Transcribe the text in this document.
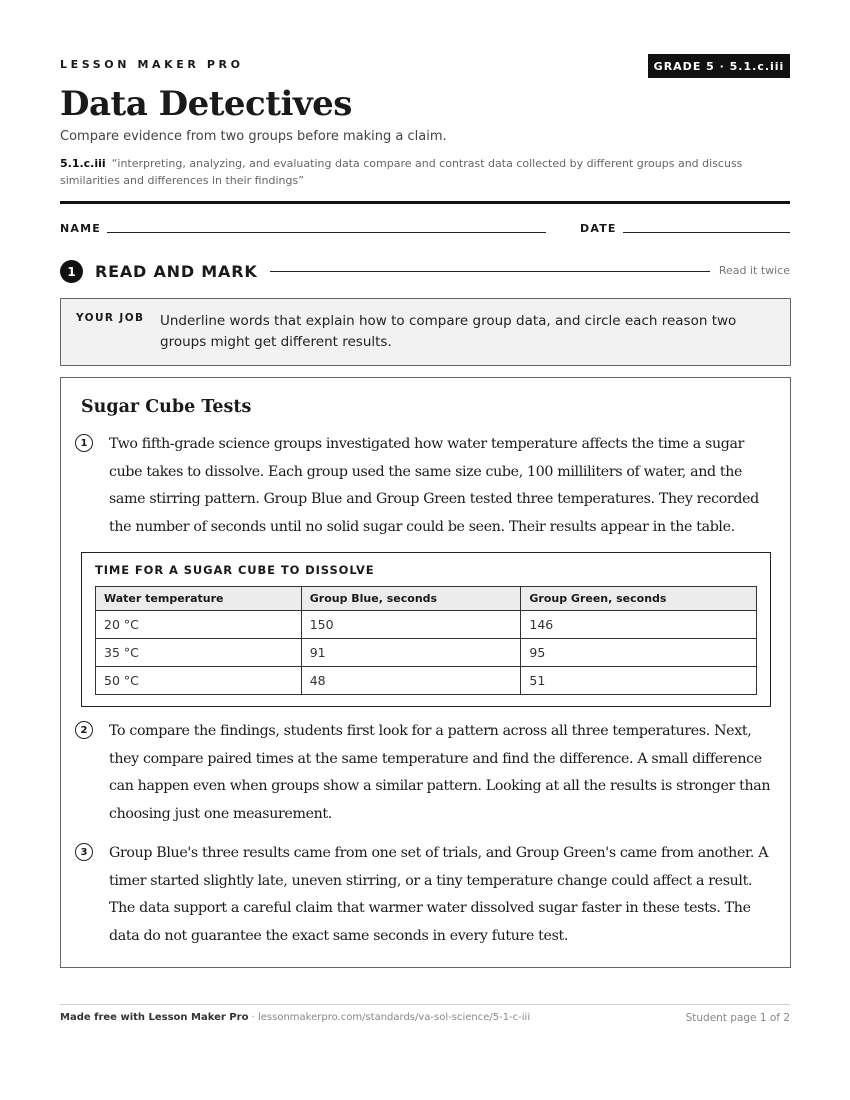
LESSON MAKER PRO	GRADE 5 · 5.1.c.iii
Data Detectives
Compare evidence from two groups before making a claim.
5.1.c.iii “interpreting, analyzing, and evaluating data compare and contrast data collected by different groups and discuss similarities and differences in their findings”
NAME	DATE
1	READ AND MARK	Read it twice
YOUR JOB Underline words that explain how to compare group data, and circle each reason two groups might get different results.
Sugar Cube Tests
1	Two fifth-grade science groups investigated how water temperature affects the time a sugar cube takes to dissolve. Each group used the same size cube, 100 milliliters of water, and the same stirring pattern. Group Blue and Group Green tested three temperatures. They recorded the number of seconds until no solid sugar could be seen. Their results appear in the table.
TIME FOR A SUGAR CUBE TO DISSOLVE
Water temperature	Group Blue, seconds	Group Green, seconds
20 °C	150	146
35 °C	91	95
50 °C	48	51
2	To compare the findings, students first look for a pattern across all three temperatures. Next, they compare paired times at the same temperature and find the difference. A small difference can happen even when groups show a similar pattern. Looking at all the results is stronger than choosing just one measurement.
3	Group Blue's three results came from one set of trials, and Group Green's came from another. A timer started slightly late, uneven stirring, or a tiny temperature change could affect a result. The data support a careful claim that warmer water dissolved sugar faster in these tests. The data do not guarantee the exact same seconds in every future test.
Made free with Lesson Maker Pro · lessonmakerpro.com/standards/va-sol-science/5-1-c-iii	Student page 1 of 2
